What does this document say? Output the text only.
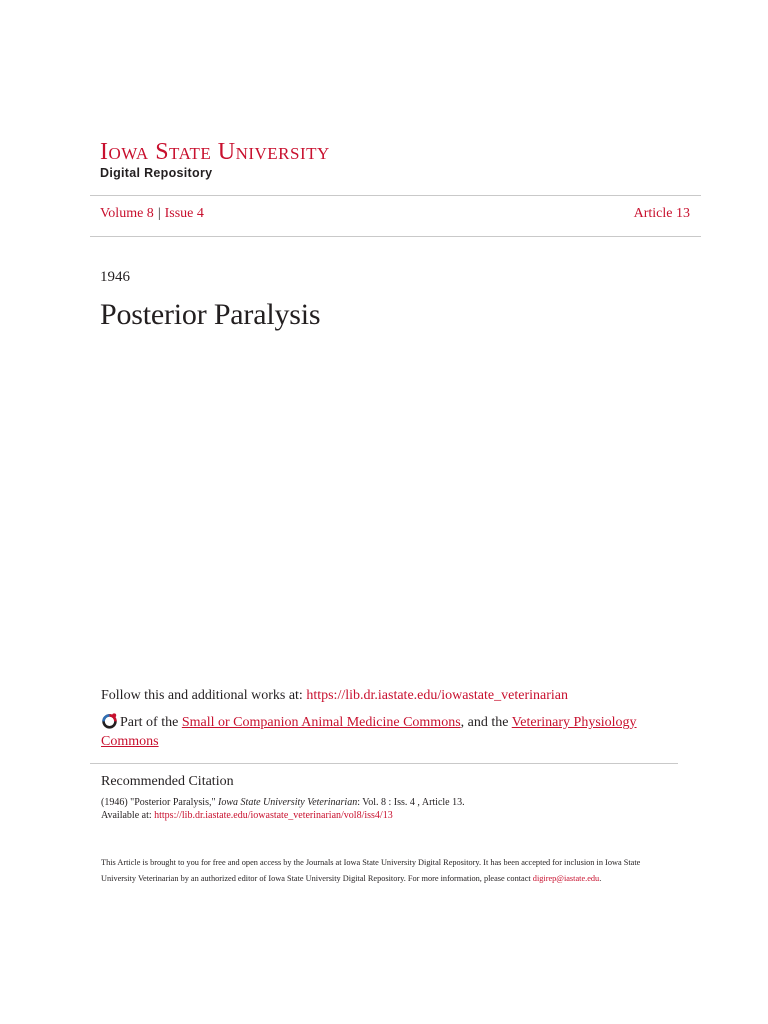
Iowa State University
Digital Repository
Volume 8 | Issue 4	Article 13
1946
Posterior Paralysis
Follow this and additional works at: https://lib.dr.iastate.edu/iowastate_veterinarian
Part of the Small or Companion Animal Medicine Commons, and the Veterinary Physiology Commons
Recommended Citation
(1946) "Posterior Paralysis," Iowa State University Veterinarian: Vol. 8 : Iss. 4 , Article 13.
Available at: https://lib.dr.iastate.edu/iowastate_veterinarian/vol8/iss4/13
This Article is brought to you for free and open access by the Journals at Iowa State University Digital Repository. It has been accepted for inclusion in Iowa State University Veterinarian by an authorized editor of Iowa State University Digital Repository. For more information, please contact digirep@iastate.edu.
